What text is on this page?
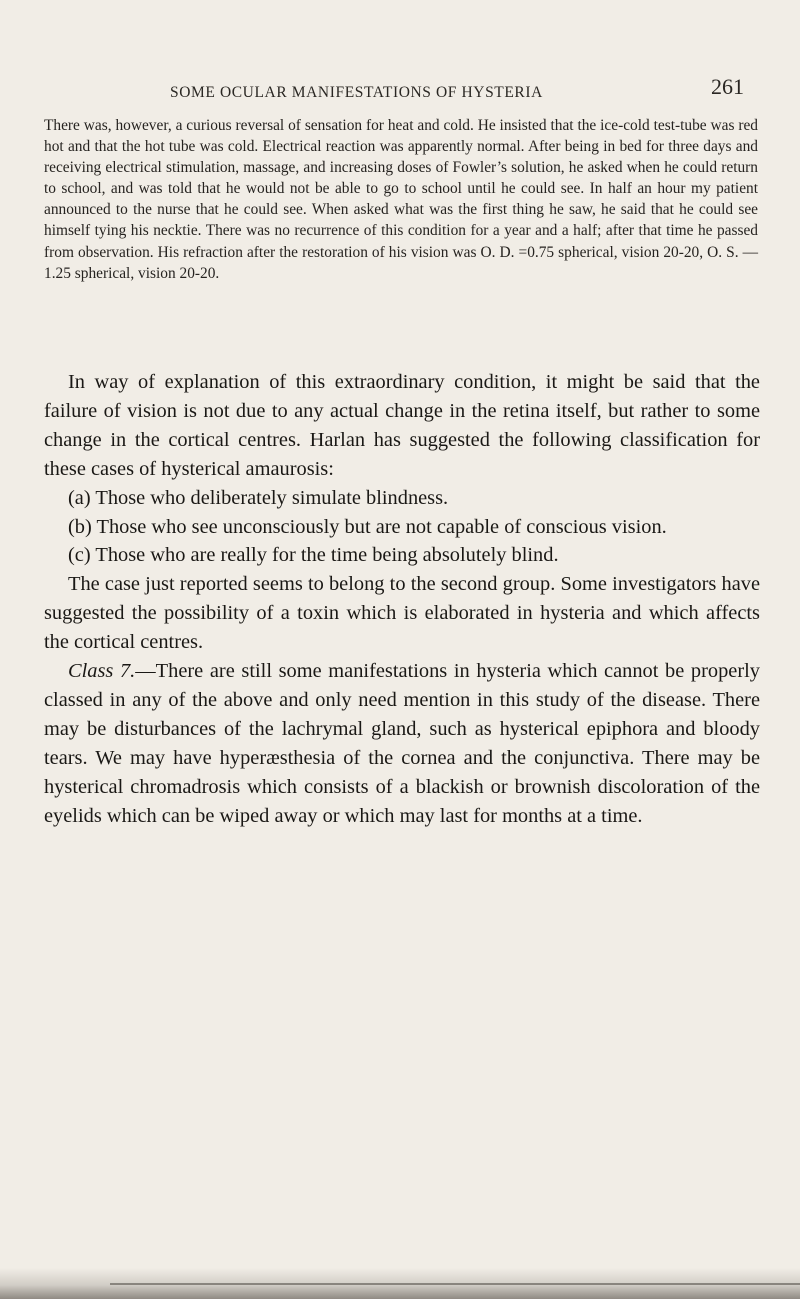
SOME OCULAR MANIFESTATIONS OF HYSTERIA	261

There was, however, a curious reversal of sensation for heat and cold. He insisted that the ice-cold test-tube was red hot and that the hot tube was cold. Electrical reaction was apparently normal. After being in bed for three days and receiving electrical stimulation, massage, and increasing doses of Fowler’s solution, he asked when he could return to school, and was told that he would not be able to go to school until he could see. In half an hour my patient announced to the nurse that he could see. When asked what was the first thing he saw, he said that he could see himself tying his necktie. There was no recurrence of this condition for a year and a half; after that time he passed from observation. His refraction after the restoration of his vision was O. D. =0.75 spherical, vision 20-20, O. S. —1.25 spherical, vision 20-20.

In way of explanation of this extraordinary condition, it might be said that the failure of vision is not due to any actual change in the retina itself, but rather to some change in the cortical centres. Harlan has suggested the following classification for these cases of hysterical amaurosis:

(a) Those who deliberately simulate blindness.

(b) Those who see unconsciously but are not capable of conscious vision.

(c) Those who are really for the time being absolutely blind.

The case just reported seems to belong to the second group. Some investigators have suggested the possibility of a toxin which is elaborated in hysteria and which affects the cortical centres.

Class 7.—There are still some manifestations in hysteria which cannot be properly classed in any of the above and only need mention in this study of the disease. There may be disturbances of the lachrymal gland, such as hysterical epiphora and bloody tears. We may have hyperæsthesia of the cornea and the conjunctiva. There may be hysterical chromadrosis which consists of a blackish or brownish discoloration of the eyelids which can be wiped away or which may last for months at a time.
